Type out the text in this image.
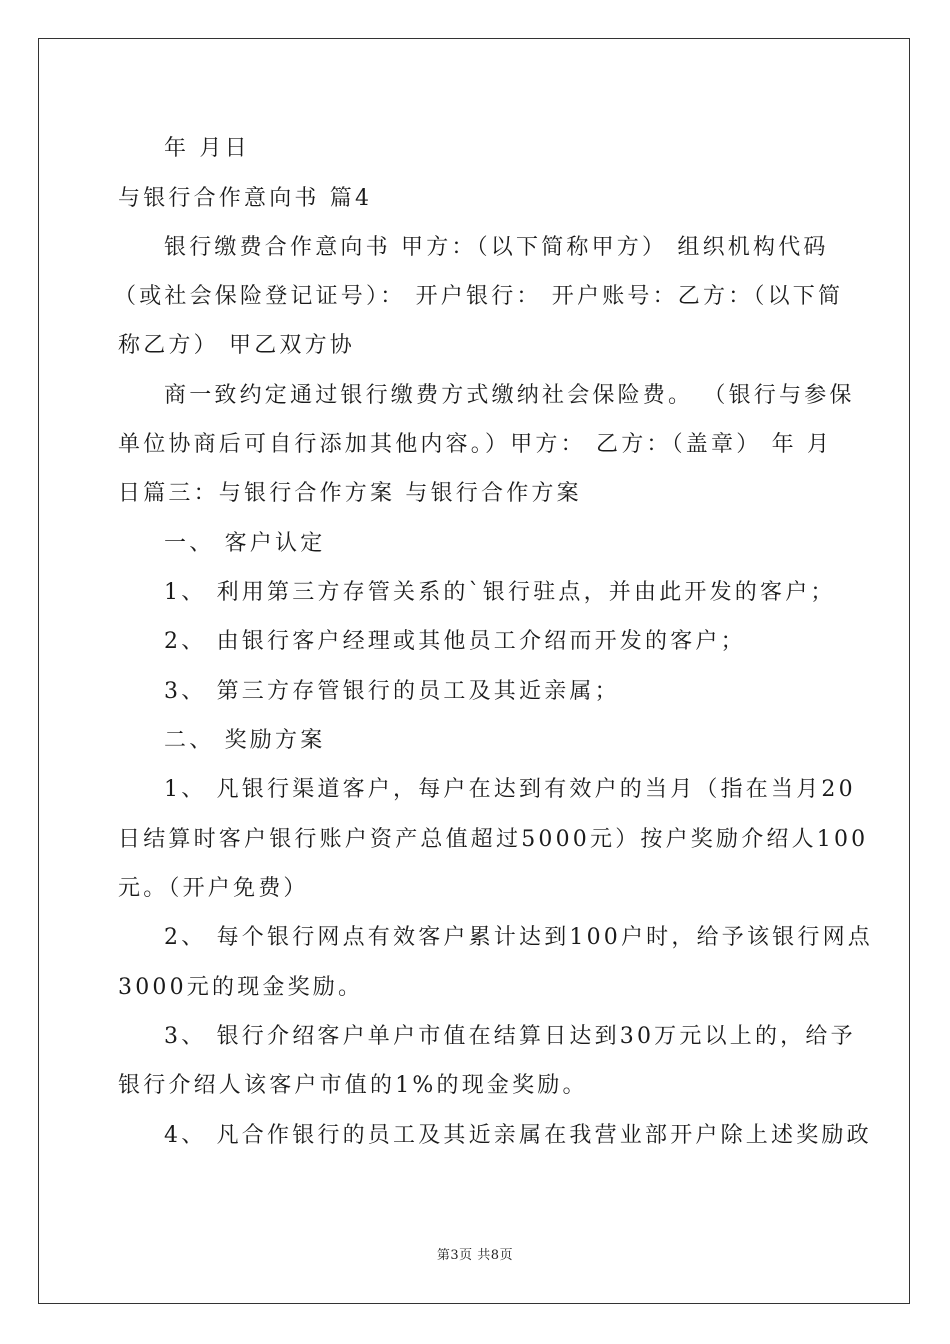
年 月日
与银行合作意向书 篇4
银行缴费合作意向书 甲方：（以下简称甲方） 组织机构代码
（或社会保险登记证号）： 开户银行： 开户账号：乙方：（以下简
称乙方） 甲乙双方协
商一致约定通过银行缴费方式缴纳社会保险费。 （银行与参保
单位协商后可自行添加其他内容。）甲方： 乙方：（盖章） 年 月
日篇三：与银行合作方案 与银行合作方案
一、 客户认定
1、 利用第三方存管关系的`银行驻点，并由此开发的客户；
2、 由银行客户经理或其他员工介绍而开发的客户；
3、 第三方存管银行的员工及其近亲属；
二、 奖励方案
1、 凡银行渠道客户，每户在达到有效户的当月（指在当月20
日结算时客户银行账户资产总值超过5000元）按户奖励介绍人100
元。（开户免费）
2、 每个银行网点有效客户累计达到100户时，给予该银行网点
3000元的现金奖励。
3、 银行介绍客户单户市值在结算日达到30万元以上的，给予
银行介绍人该客户市值的1%的现金奖励。
4、 凡合作银行的员工及其近亲属在我营业部开户除上述奖励政
第3页 共8页
